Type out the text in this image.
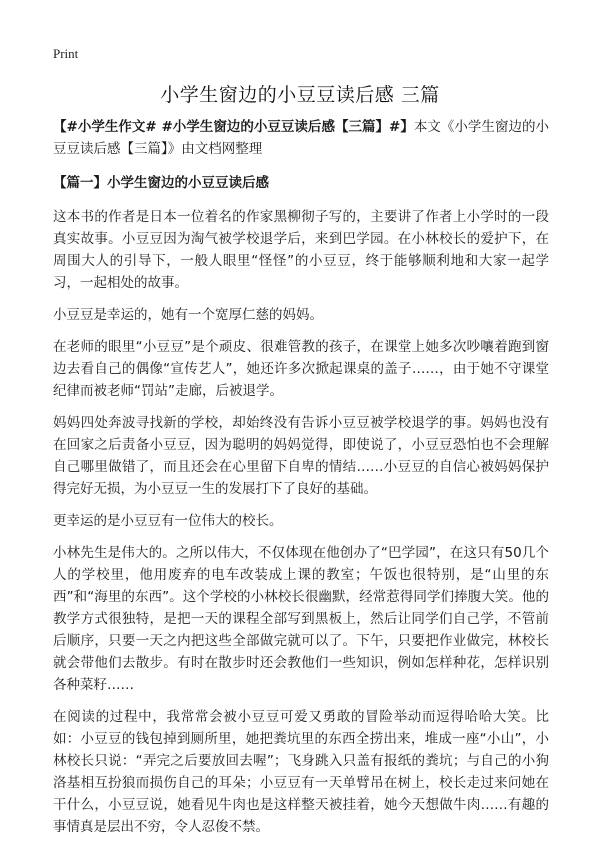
Print
小学生窗边的小豆豆读后感 三篇

【#小学生作文# #小学生窗边的小豆豆读后感【三篇】#】本文《小学生窗边的小豆豆读后感【三篇】》由文档网整理

【篇一】小学生窗边的小豆豆读后感

这本书的作者是日本一位着名的作家黑柳彻子写的，主要讲了作者上小学时的一段真实故事。小豆豆因为淘气被学校退学后，来到巴学园。在小林校长的爱护下，在周围大人的引导下，一般人眼里“怪怪”的小豆豆，终于能够顺利地和大家一起学习，一起相处的故事。

小豆豆是幸运的，她有一个宽厚仁慈的妈妈。

在老师的眼里“小豆豆”是个顽皮、很难管教的孩子，在课堂上她多次吵嚷着跑到窗边去看自己的偶像“宣传艺人”，她还许多次掀起课桌的盖子……，由于她不守课堂纪律而被老师“罚站”走廊，后被退学。

妈妈四处奔波寻找新的学校，却始终没有告诉小豆豆被学校退学的事。妈妈也没有在回家之后责备小豆豆，因为聪明的妈妈觉得，即使说了，小豆豆恐怕也不会理解自己哪里做错了，而且还会在心里留下自卑的情结……小豆豆的自信心被妈妈保护得完好无损，为小豆豆一生的发展打下了良好的基础。

更幸运的是小豆豆有一位伟大的校长。

小林先生是伟大的。之所以伟大，不仅体现在他创办了“巴学园”，在这只有50几个人的学校里，他用废弃的电车改装成上课的教室；午饭也很特别，是“山里的东西”和“海里的东西”。这个学校的小林校长很幽默，经常惹得同学们捧腹大笑。他的教学方式很独特，是把一天的课程全部写到黑板上，然后让同学们自己学，不管前后顺序，只要一天之内把这些全部做完就可以了。下午，只要把作业做完，林校长就会带他们去散步。有时在散步时还会教他们一些知识，例如怎样种花，怎样识别各种菜籽……

在阅读的过程中，我常常会被小豆豆可爱又勇敢的冒险举动而逗得哈哈大笑。比如：小豆豆的钱包掉到厕所里，她把粪坑里的东西全捞出来，堆成一座“小山”，小林校长只说：“弄完之后要放回去喔”；飞身跳入只盖有报纸的粪坑；与自己的小狗洛基相互扮狼而损伤自己的耳朵；小豆豆有一天单臂吊在树上，校长走过来问她在干什么，小豆豆说，她看见牛肉也是这样整天被挂着，她今天想做牛肉……有趣的事情真是层出不穷，令人忍俊不禁。
